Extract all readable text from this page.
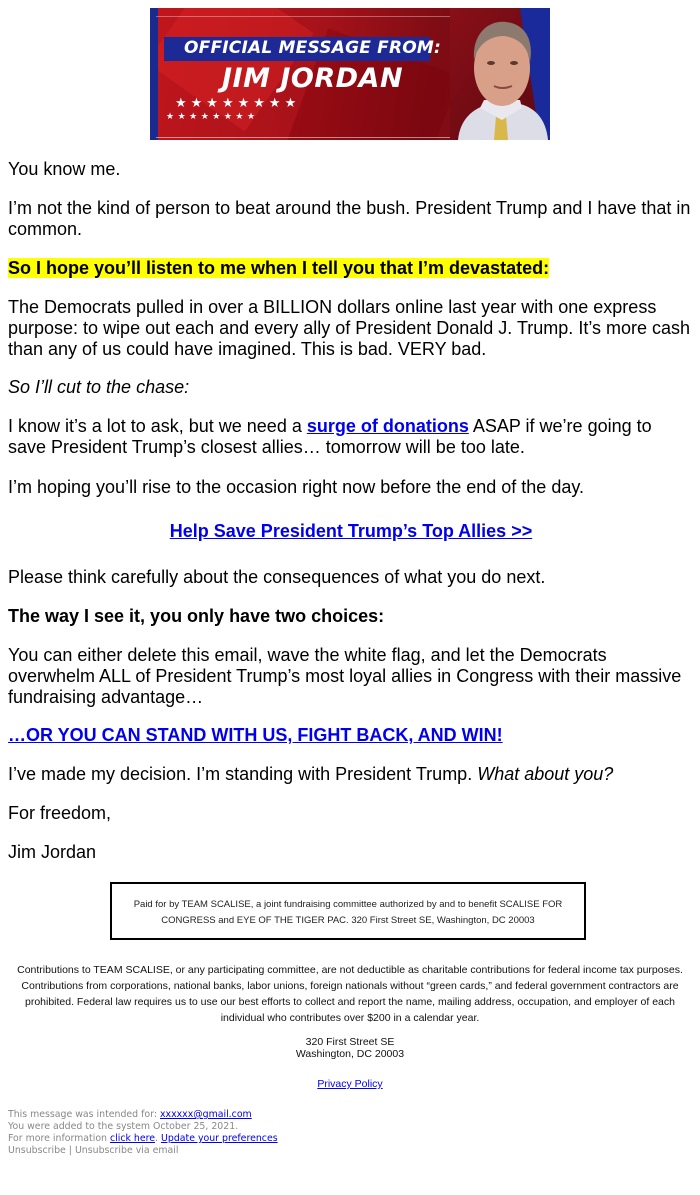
OFFICIAL MESSAGE FROM:
JIM JORDAN
★★★★★★★★
★★★★★★★★

You know me.

I’m not the kind of person to beat around the bush. President Trump and I have that in common.

So I hope you’ll listen to me when I tell you that I’m devastated:

The Democrats pulled in over a BILLION dollars online last year with one express purpose: to wipe out each and every ally of President Donald J. Trump. It’s more cash than any of us could have imagined. This is bad. VERY bad.

So I’ll cut to the chase:

I know it’s a lot to ask, but we need a surge of donations ASAP if we’re going to save President Trump’s closest allies… tomorrow will be too late.

I’m hoping you’ll rise to the occasion right now before the end of the day.

Help Save President Trump’s Top Allies >>

Please think carefully about the consequences of what you do next.

The way I see it, you only have two choices:

You can either delete this email, wave the white flag, and let the Democrats overwhelm ALL of President Trump’s most loyal allies in Congress with their massive fundraising advantage…

…OR YOU CAN STAND WITH US, FIGHT BACK, AND WIN!

I’ve made my decision. I’m standing with President Trump. What about you?

For freedom,

Jim Jordan

Paid for by TEAM SCALISE, a joint fundraising committee authorized by and to benefit SCALISE FOR CONGRESS and EYE OF THE TIGER PAC. 320 First Street SE, Washington, DC 20003
Contributions to TEAM SCALISE, or any participating committee, are not deductible as charitable contributions for federal income tax purposes. Contributions from corporations, national banks, labor unions, foreign nationals without “green cards,” and federal government contractors are prohibited. Federal law requires us to use our best efforts to collect and report the name, mailing address, occupation, and employer of each individual who contributes over $200 in a calendar year.
320 First Street SE
Washington, DC 20003
Privacy Policy
This message was intended for: xxxxxx@gmail.com
You were added to the system October 25, 2021.
For more information click here. Update your preferences
Unsubscribe | Unsubscribe via email
